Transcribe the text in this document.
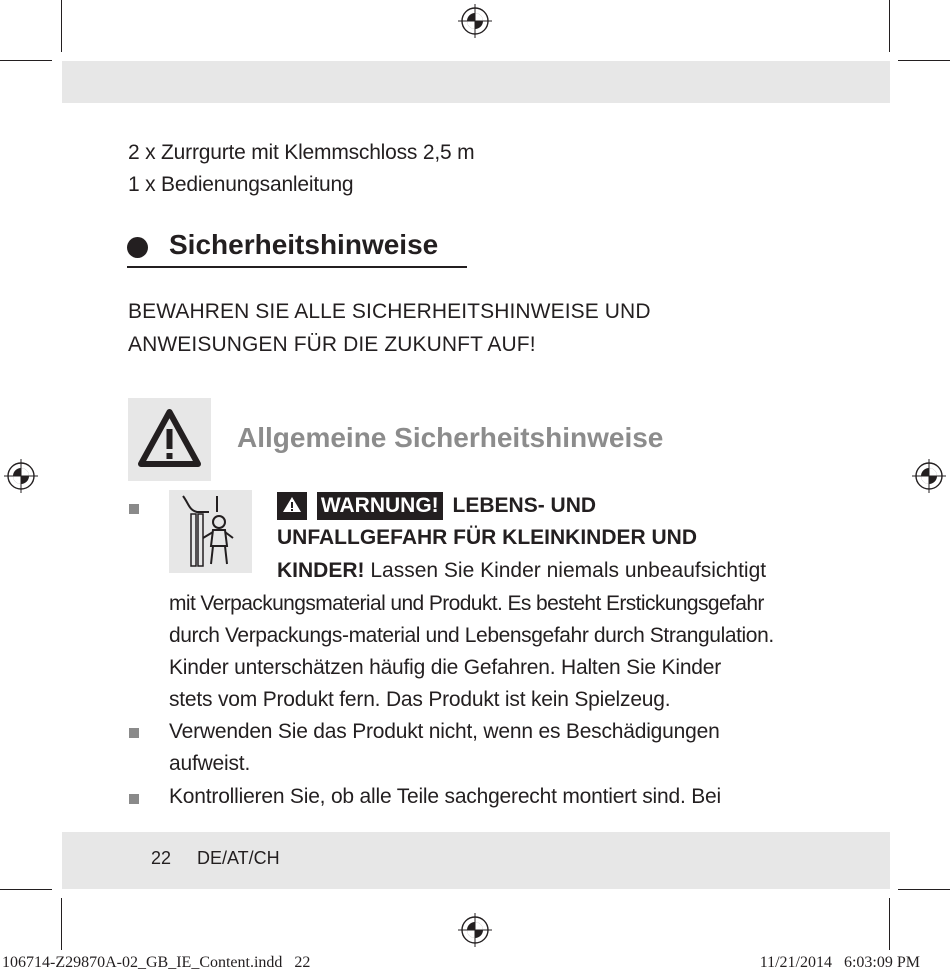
2 x Zurrgurte mit Klemmschloss 2,5 m
1 x Bedienungsanleitung
Sicherheitshinweise
BEWAHREN SIE ALLE SICHERHEITSHINWEISE UND
ANWEISUNGEN FÜR DIE ZUKUNFT AUF!
Allgemeine Sicherheitshinweise
WARNUNG! LEBENS- UND
UNFALLGEFAHR FÜR KLEINKINDER UND
KINDER! Lassen Sie Kinder niemals unbeaufsichtigt
mit Verpackungsmaterial und Produkt. Es besteht Erstickungsgefahr
durch Verpackungs-material und Lebensgefahr durch Strangulation.
Kinder unterschätzen häufig die Gefahren. Halten Sie Kinder
stets vom Produkt fern. Das Produkt ist kein Spielzeug.
Verwenden Sie das Produkt nicht, wenn es Beschädigungen
aufweist.
Kontrollieren Sie, ob alle Teile sachgerecht montiert sind. Bei
22 DE/AT/CH
106714-Z29870A-02_GB_IE_Content.indd   22	11/21/2014   6:03:09 PM
